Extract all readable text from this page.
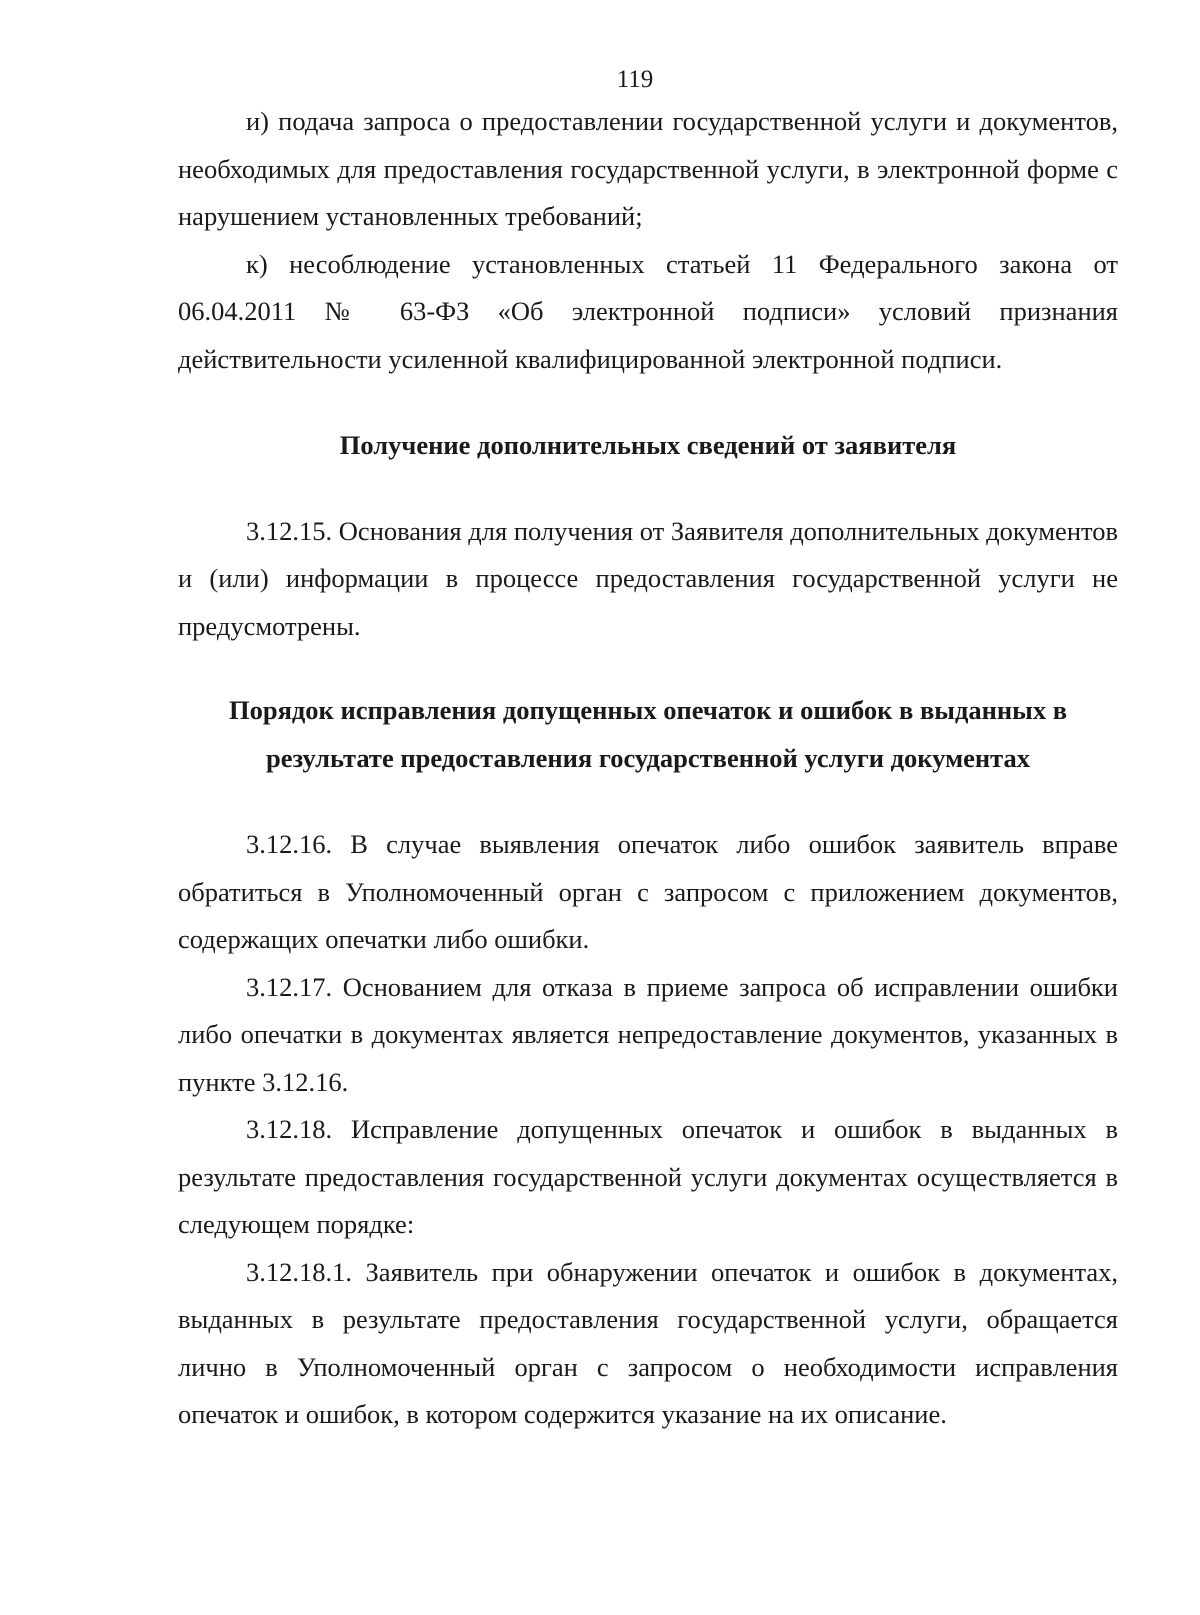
119

и) подача запроса о предоставлении государственной услуги и документов, необходимых для предоставления государственной услуги, в электронной форме с нарушением установленных требований;

к) несоблюдение установленных статьей 11 Федерального закона от 06.04.2011 № 63-ФЗ «Об электронной подписи» условий признания действительности усиленной квалифицированной электронной подписи.

Получение дополнительных сведений от заявителя

3.12.15. Основания для получения от Заявителя дополнительных документов и (или) информации в процессе предоставления государственной услуги не предусмотрены.

Порядок исправления допущенных опечаток и ошибок в выданных в

результате предоставления государственной услуги документах

3.12.16. В случае выявления опечаток либо ошибок заявитель вправе обратиться в Уполномоченный орган с запросом с приложением документов, содержащих опечатки либо ошибки.

3.12.17. Основанием для отказа в приеме запроса об исправлении ошибки либо опечатки в документах является непредоставление документов, указанных в пункте 3.12.16.

3.12.18. Исправление допущенных опечаток и ошибок в выданных в результате предоставления государственной услуги документах осуществляется в следующем порядке:

3.12.18.1. Заявитель при обнаружении опечаток и ошибок в документах, выданных в результате предоставления государственной услуги, обращается лично в Уполномоченный орган с запросом о необходимости исправления опечаток и ошибок, в котором содержится указание на их описание.
